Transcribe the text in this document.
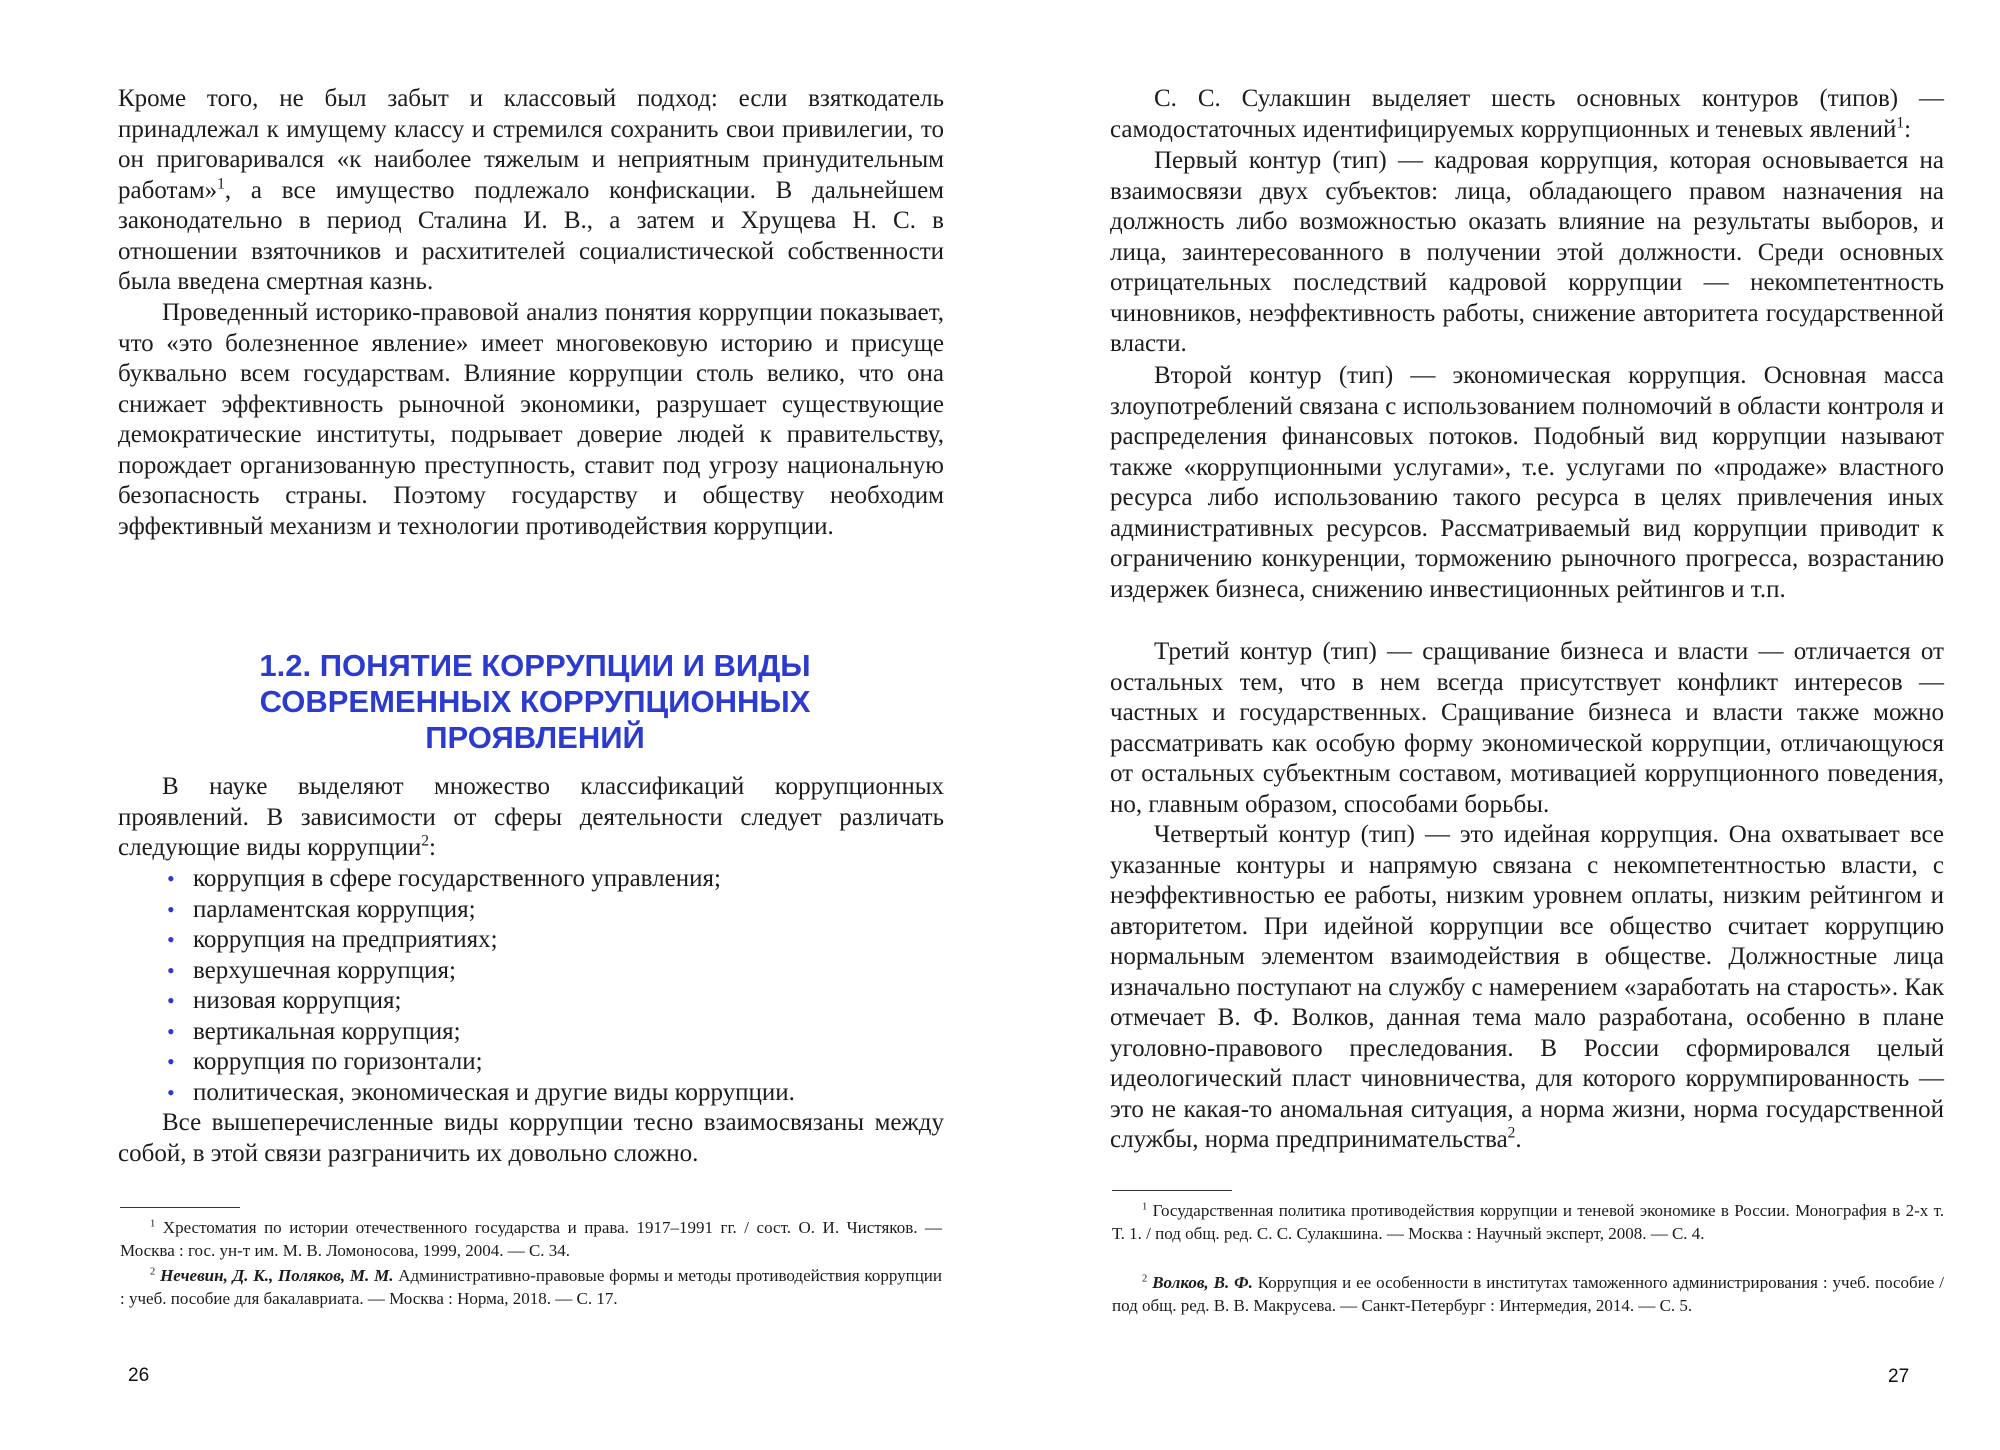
Кроме того, не был забыт и классовый подход: если взяткодатель принадлежал к имущему классу и стремился сохранить свои привилегии, то он приговаривался «к наиболее тяжелым и неприятным принудительным работам»$^1$, а все имущество подлежало конфискации. В дальнейшем законодательно в период Сталина И. В., а затем и Хрущева Н. С. в отношении взяточников и расхитителей социалистической собственности была введена смертная казнь.

Проведенный историко-правовой анализ понятия коррупции показывает, что «это болезненное явление» имеет многовековую историю и присуще буквально всем государствам. Влияние коррупции столь велико, что она снижает эффективность рыночной экономики, разрушает существующие демократические институты, подрывает доверие людей к правительству, порождает организованную преступность, ставит под угрозу национальную безопасность страны. Поэтому государству и обществу необходим эффективный механизм и технологии противодействия коррупции.

1.2. ПОНЯТИЕ КОРРУПЦИИ И ВИДЫ СОВРЕМЕННЫХ КОРРУПЦИОННЫХ ПРОЯВЛЕНИЙ

В науке выделяют множество классификаций коррупционных проявлений. В зависимости от сферы деятельности следует различать следующие виды коррупции$^2$:

• коррупция в сфере государственного управления;
• парламентская коррупция;
• коррупция на предприятиях;
• верхушечная коррупция;
• низовая коррупция;
• вертикальная коррупция;
• коррупция по горизонтали;
• политическая, экономическая и другие виды коррупции.

Все вышеперечисленные виды коррупции тесно взаимосвязаны между собой, в этой связи разграничить их довольно сложно.

$^1$ Хрестоматия по истории отечественного государства и права. 1917–1991 гг. / сост. О. И. Чистяков. — Москва : гос. ун-т им. М. В. Ломоносова, 1999, 2004. — С. 34.

$^2$ Нечевин, Д. К., Поляков, М. М. Административно-правовые формы и методы противодействия коррупции : учеб. пособие для бакалавриата. — Москва : Норма, 2018. — С. 17.

26

С. С. Сулакшин выделяет шесть основных контуров (типов) — самодостаточных идентифицируемых коррупционных и теневых явлений$^1$:

Первый контур (тип) — кадровая коррупция, которая основывается на взаимосвязи двух субъектов: лица, обладающего правом назначения на должность либо возможностью оказать влияние на результаты выборов, и лица, заинтересованного в получении этой должности. Среди основных отрицательных последствий кадровой коррупции — некомпетентность чиновников, неэффективность работы, снижение авторитета государственной власти.

Второй контур (тип) — экономическая коррупция. Основная масса злоупотреблений связана с использованием полномочий в области контроля и распределения финансовых потоков. Подобный вид коррупции называют также «коррупционными услугами», т.е. услугами по «продаже» властного ресурса либо использованию такого ресурса в целях привлечения иных административных ресурсов. Рассматриваемый вид коррупции приводит к ограничению конкуренции, торможению рыночного прогресса, возрастанию издержек бизнеса, снижению инвестиционных рейтингов и т.п.

Третий контур (тип) — сращивание бизнеса и власти — отличается от остальных тем, что в нем всегда присутствует конфликт интересов — частных и государственных. Сращивание бизнеса и власти также можно рассматривать как особую форму экономической коррупции, отличающуюся от остальных субъектным составом, мотивацией коррупционного поведения, но, главным образом, способами борьбы.

Четвертый контур (тип) — это идейная коррупция. Она охватывает все указанные контуры и напрямую связана с некомпетентностью власти, с неэффективностью ее работы, низким уровнем оплаты, низким рейтингом и авторитетом. При идейной коррупции все общество считает коррупцию нормальным элементом взаимодействия в обществе. Должностные лица изначально поступают на службу с намерением «заработать на старость». Как отмечает В. Ф. Волков, данная тема мало разработана, особенно в плане уголовно-правового преследования. В России сформировался целый идеологический пласт чиновничества, для которого коррумпированность — это не какая-то аномальная ситуация, а норма жизни, норма государственной службы, норма предпринимательства$^2$.

$^1$ Государственная политика противодействия коррупции и теневой экономике в России. Монография в 2-х т. Т. 1. / под общ. ред. С. С. Сулакшина. — Москва : Научный эксперт, 2008. — С. 4.

$^2$ Волков, В. Ф. Коррупция и ее особенности в институтах таможенного администрирования : учеб. пособие / под общ. ред. В. В. Макрусева. — Санкт-Петербург : Интермедия, 2014. — С. 5.

27
